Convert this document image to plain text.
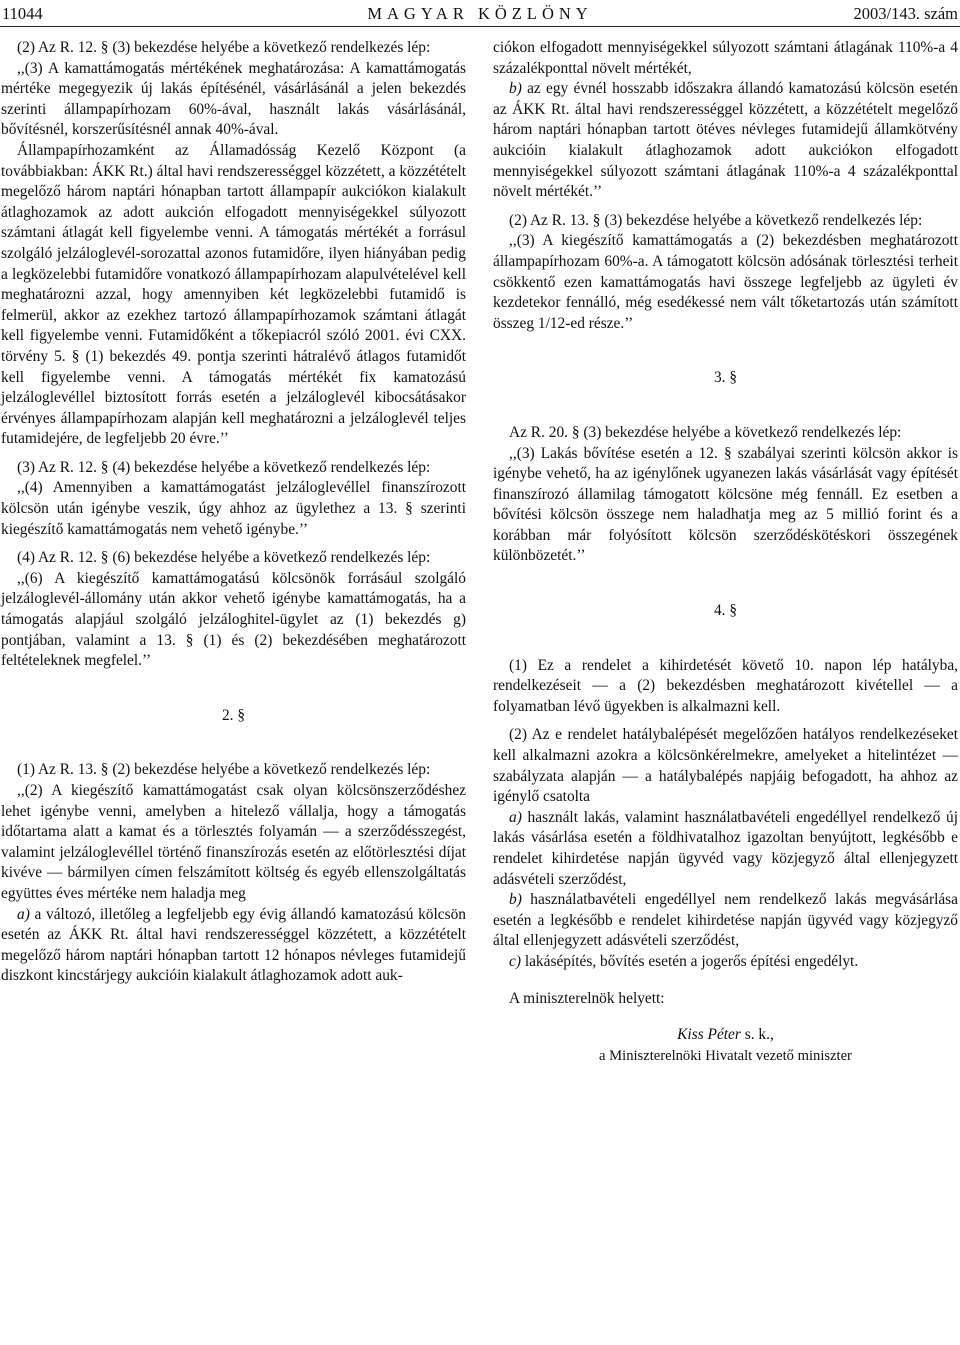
11044	MAGYAR KÖZLÖNY	2003/143. szám

(2) Az R. 12. § (3) bekezdése helyébe a következő rendelkezés lép:

,,(3) A kamattámogatás mértékének meghatározása: A kamattámogatás mértéke megegyezik új lakás építésénél, vásárlásánál a jelen bekezdés szerinti állampapírhozam 60%-ával, használt lakás vásárlásánál, bővítésnél, korszerűsítésnél annak 40%-ával.

Állampapírhozamként az Államadósság Kezelő Központ (a továbbiakban: ÁKK Rt.) által havi rendszerességgel közzétett, a közzétételt megelőző három naptári hónapban tartott állampapír aukciókon kialakult átlaghozamok az adott aukción elfogadott mennyiségekkel súlyozott számtani átlagát kell figyelembe venni. A támogatás mértékét a forrásul szolgáló jelzáloglevél-sorozattal azonos futamidőre, ilyen hiányában pedig a legközelebbi futamidőre vonatkozó állampapírhozam alapulvételével kell meghatározni azzal, hogy amennyiben két legközelebbi futamidő is felmerül, akkor az ezekhez tartozó állampapírhozamok számtani átlagát kell figyelembe venni. Futamidőként a tőkepiacról szóló 2001. évi CXX. törvény 5. § (1) bekezdés 49. pontja szerinti hátralévő átlagos futamidőt kell figyelembe venni. A támogatás mértékét fix kamatozású jelzáloglevéllel biztosított forrás esetén a jelzáloglevél kibocsátásakor érvényes állampapírhozam alapján kell meghatározni a jelzáloglevél teljes futamidejére, de legfeljebb 20 évre.’’

(3) Az R. 12. § (4) bekezdése helyébe a következő rendelkezés lép:

,,(4) Amennyiben a kamattámogatást jelzáloglevéllel finanszírozott kölcsön után igénybe veszik, úgy ahhoz az ügylethez a 13. § szerinti kiegészítő kamattámogatás nem vehető igénybe.’’

(4) Az R. 12. § (6) bekezdése helyébe a következő rendelkezés lép:

,,(6) A kiegészítő kamattámogatású kölcsönök forrásául szolgáló jelzáloglevél-állomány után akkor vehető igénybe kamattámogatás, ha a támogatás alapjául szolgáló jelzáloghitel-ügylet az (1) bekezdés g) pontjában, valamint a 13. § (1) és (2) bekezdésében meghatározott feltételeknek megfelel.’’

2. §

(1) Az R. 13. § (2) bekezdése helyébe a következő rendelkezés lép:

,,(2) A kiegészítő kamattámogatást csak olyan kölcsönszerződéshez lehet igénybe venni, amelyben a hitelező vállalja, hogy a támogatás időtartama alatt a kamat és a törlesztés folyamán — a szerződésszegést, valamint jelzáloglevéllel történő finanszírozás esetén az előtörlesztési díjat kivéve — bármilyen címen felszámított költség és egyéb ellenszolgáltatás együttes éves mértéke nem haladja meg

a) a változó, illetőleg a legfeljebb egy évig állandó kamatozású kölcsön esetén az ÁKK Rt. által havi rendszerességgel közzétett, a közzétételt megelőző három naptári hónapban tartott 12 hónapos névleges futamidejű diszkont kincstárjegy aukcióin kialakult átlaghozamok adott auk-

ciókon elfogadott mennyiségekkel súlyozott számtani átlagának 110%-a 4 százalékponttal növelt mértékét,

b) az egy évnél hosszabb időszakra állandó kamatozású kölcsön esetén az ÁKK Rt. által havi rendszerességgel közzétett, a közzétételt megelőző három naptári hónapban tartott ötéves névleges futamidejű államkötvény aukcióin kialakult átlaghozamok adott aukciókon elfogadott mennyiségekkel súlyozott számtani átlagának 110%-a 4 százalékponttal növelt mértékét.’’

(2) Az R. 13. § (3) bekezdése helyébe a következő rendelkezés lép:

,,(3) A kiegészítő kamattámogatás a (2) bekezdésben meghatározott állampapírhozam 60%-a. A támogatott kölcsön adósának törlesztési terheit csökkentő ezen kamattámogatás havi összege legfeljebb az ügyleti év kezdetekor fennálló, még esedékessé nem vált tőketartozás után számított összeg 1/12-ed része.’’

3. §

Az R. 20. § (3) bekezdése helyébe a következő rendelkezés lép:

,,(3) Lakás bővítése esetén a 12. § szabályai szerinti kölcsön akkor is igénybe vehető, ha az igénylőnek ugyanezen lakás vásárlását vagy építését finanszírozó államilag támogatott kölcsöne még fennáll. Ez esetben a bővítési kölcsön összege nem haladhatja meg az 5 millió forint és a korábban már folyósított kölcsön szerződéskötéskori összegének különbözetét.’’

4. §

(1) Ez a rendelet a kihirdetését követő 10. napon lép hatályba, rendelkezéseit — a (2) bekezdésben meghatározott kivétellel — a folyamatban lévő ügyekben is alkalmazni kell.

(2) Az e rendelet hatálybalépését megelőzően hatályos rendelkezéseket kell alkalmazni azokra a kölcsönkérelmekre, amelyeket a hitelintézet — szabályzata alapján — a hatálybalépés napjáig befogadott, ha ahhoz az igénylő csatolta

a) használt lakás, valamint használatbavételi engedéllyel rendelkező új lakás vásárlása esetén a földhivatalhoz igazoltan benyújtott, legkésőbb e rendelet kihirdetése napján ügyvéd vagy közjegyző által ellenjegyzett adásvételi szerződést,

b) használatbavételi engedéllyel nem rendelkező lakás megvásárlása esetén a legkésőbb e rendelet kihirdetése napján ügyvéd vagy közjegyző által ellenjegyzett adásvételi szerződést,

c) lakásépítés, bővítés esetén a jogerős építési engedélyt.

A miniszterelnök helyett:

Kiss Péter s. k.,

a Miniszterelnöki Hivatalt vezető miniszter
